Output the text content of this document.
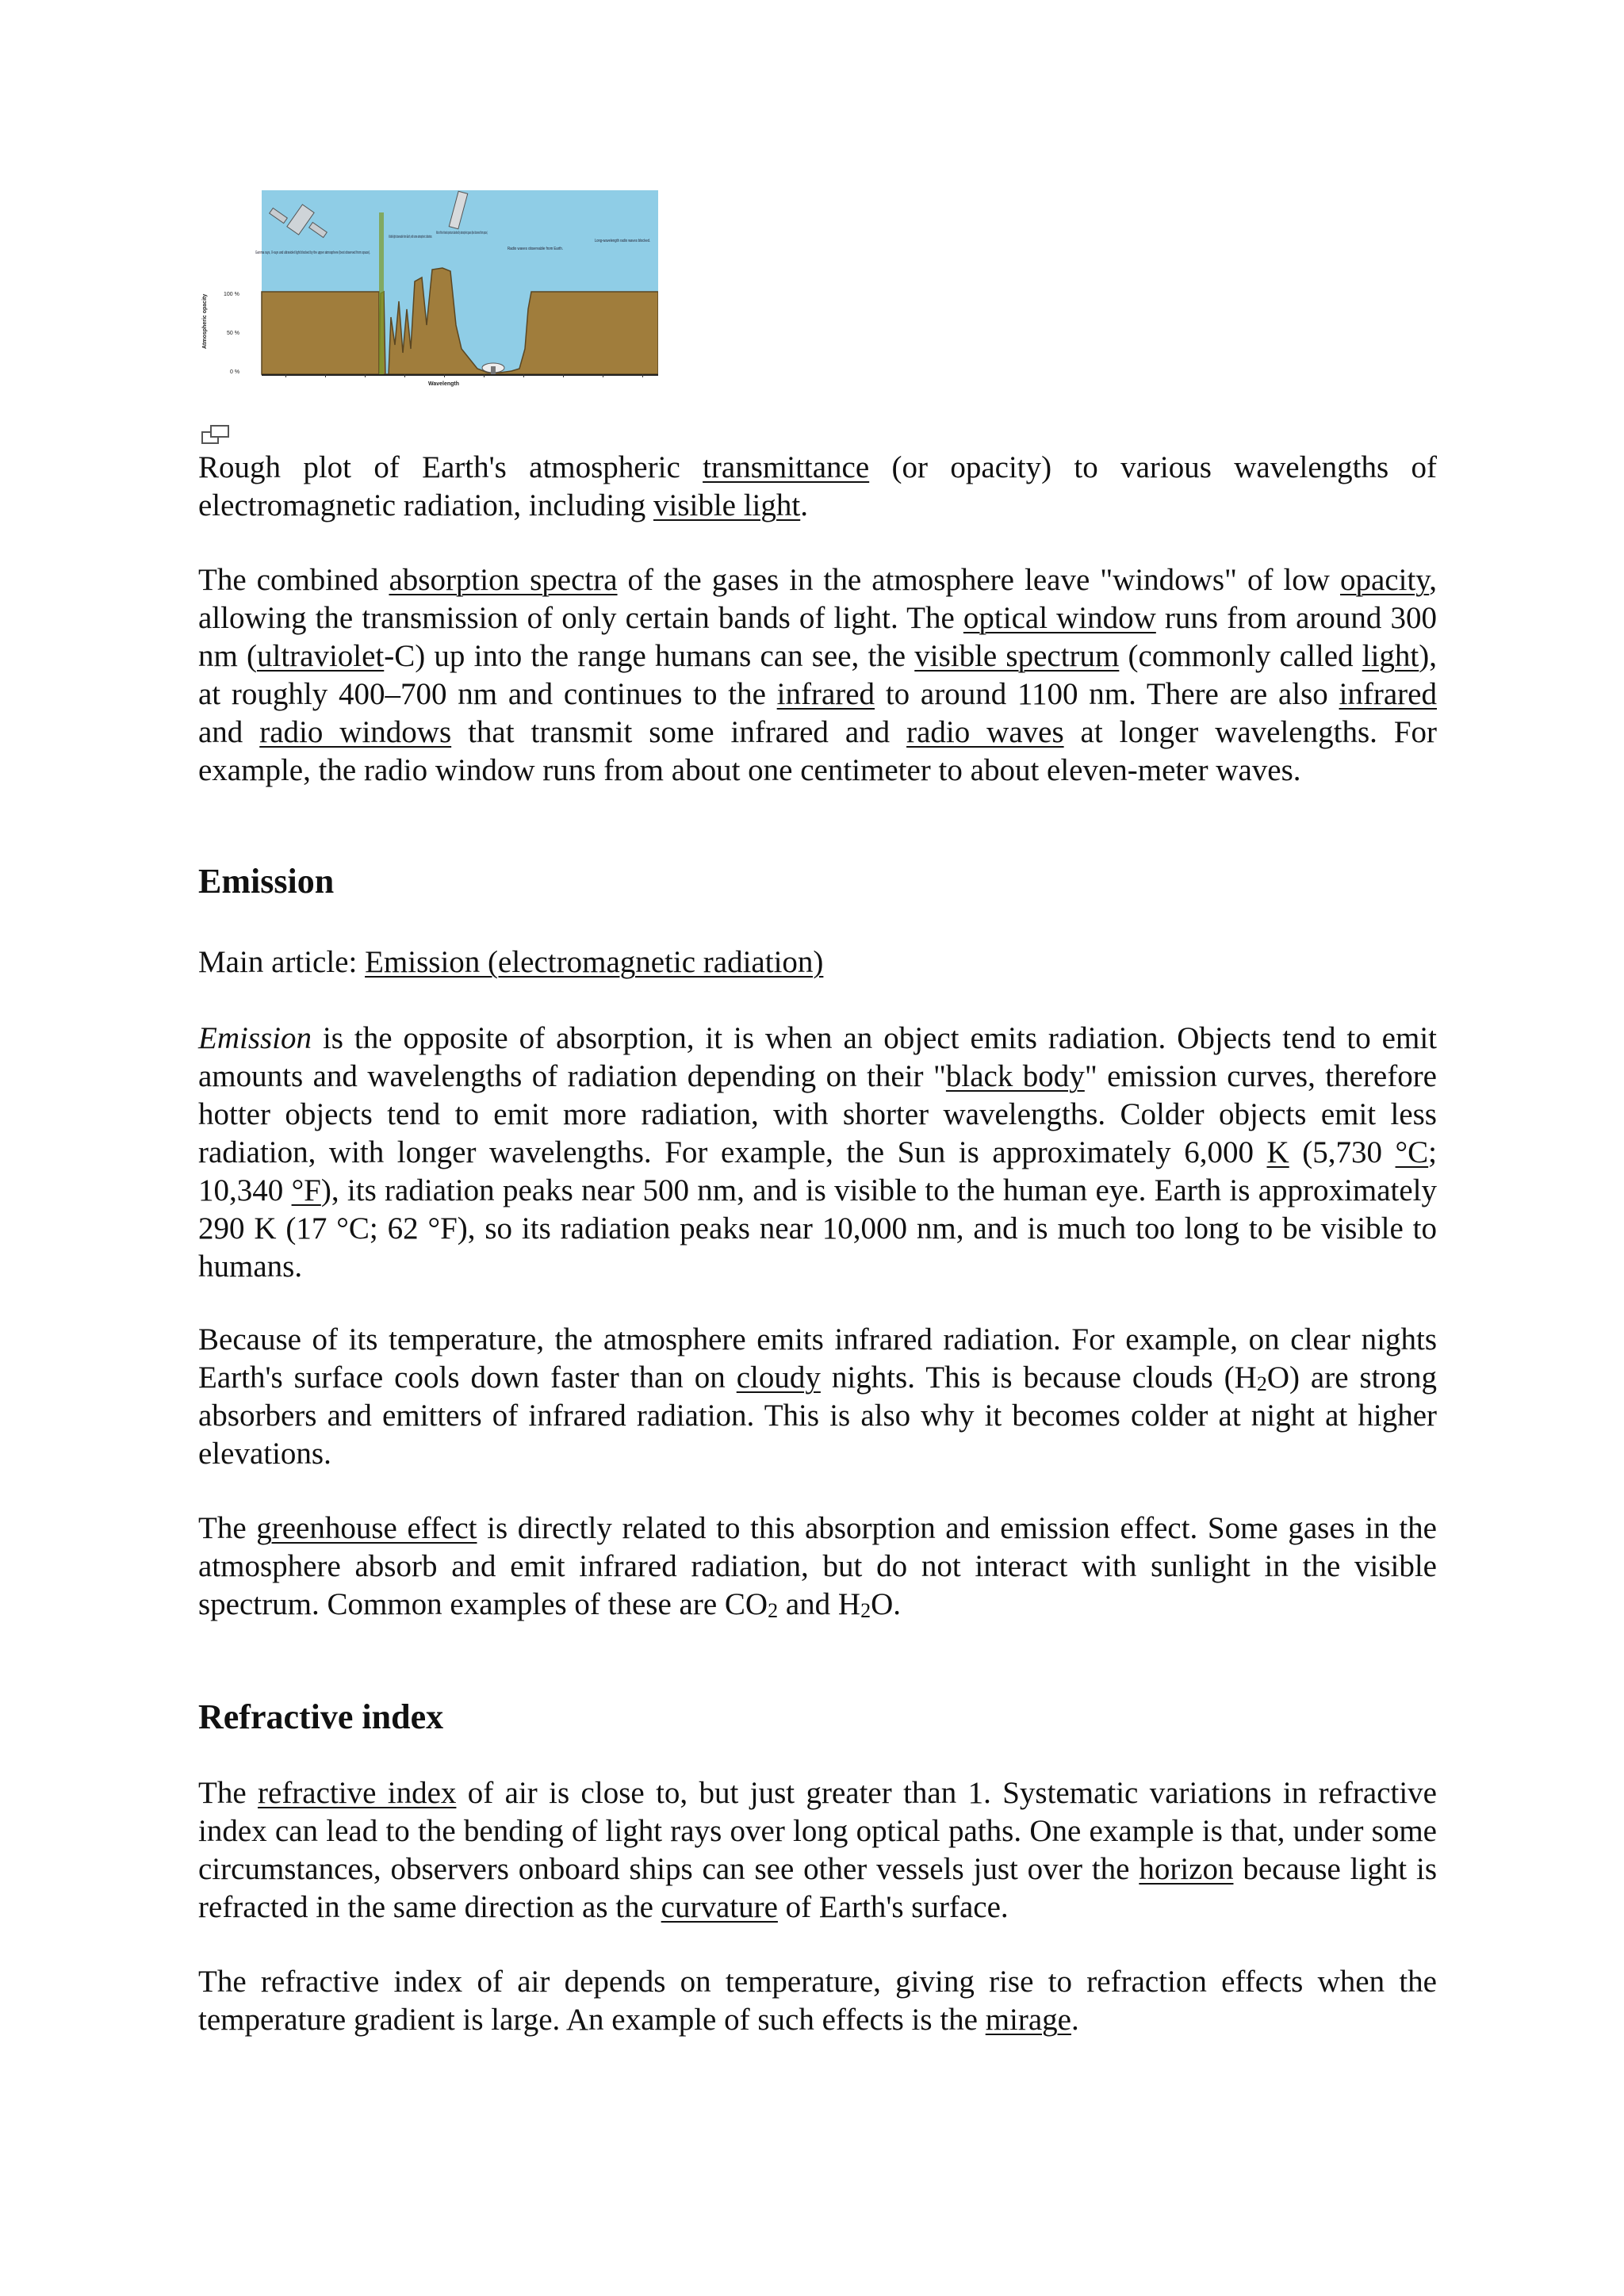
100 %
50 %
0 %
Atmospheric opacity
Wavelength
Gamma rays, X-rays and ultraviolet light blocked by the upper atmosphere (best observed from space).
Visible light observable from Earth, with some atmospheric distortion.
Most of the infrared spectrum absorbed by atmospheric gases (best observed from space).
Radio waves observable from Earth.
Long-wavelength radio waves blocked.

Rough plot of Earth's atmospheric transmittance (or opacity) to various wavelengths of electromagnetic radiation, including visible light.

The combined absorption spectra of the gases in the atmosphere leave "windows" of low opacity, allowing the transmission of only certain bands of light. The optical window runs from around 300 nm (ultraviolet-C) up into the range humans can see, the visible spectrum (commonly called light), at roughly 400–700 nm and continues to the infrared to around 1100 nm. There are also infrared and radio windows that transmit some infrared and radio waves at longer wavelengths. For example, the radio window runs from about one centimeter to about eleven-meter waves.

Emission

Main article: Emission (electromagnetic radiation)

Emission is the opposite of absorption, it is when an object emits radiation. Objects tend to emit amounts and wavelengths of radiation depending on their "black body" emission curves, therefore hotter objects tend to emit more radiation, with shorter wavelengths. Colder objects emit less radiation, with longer wavelengths. For example, the Sun is approximately 6,000 K (5,730 °C; 10,340 °F), its radiation peaks near 500 nm, and is visible to the human eye. Earth is approximately 290 K (17 °C; 62 °F), so its radiation peaks near 10,000 nm, and is much too long to be visible to humans.

Because of its temperature, the atmosphere emits infrared radiation. For example, on clear nights Earth's surface cools down faster than on cloudy nights. This is because clouds $(H_2O)$ are strong absorbers and emitters of infrared radiation. This is also why it becomes colder at night at higher elevations.

The greenhouse effect is directly related to this absorption and emission effect. Some gases in the atmosphere absorb and emit infrared radiation, but do not interact with sunlight in the visible spectrum. Common examples of these are $CO_2$ and $H_2O$.

Refractive index

The refractive index of air is close to, but just greater than 1. Systematic variations in refractive index can lead to the bending of light rays over long optical paths. One example is that, under some circumstances, observers onboard ships can see other vessels just over the horizon because light is refracted in the same direction as the curvature of Earth's surface.

The refractive index of air depends on temperature, giving rise to refraction effects when the temperature gradient is large. An example of such effects is the mirage.
